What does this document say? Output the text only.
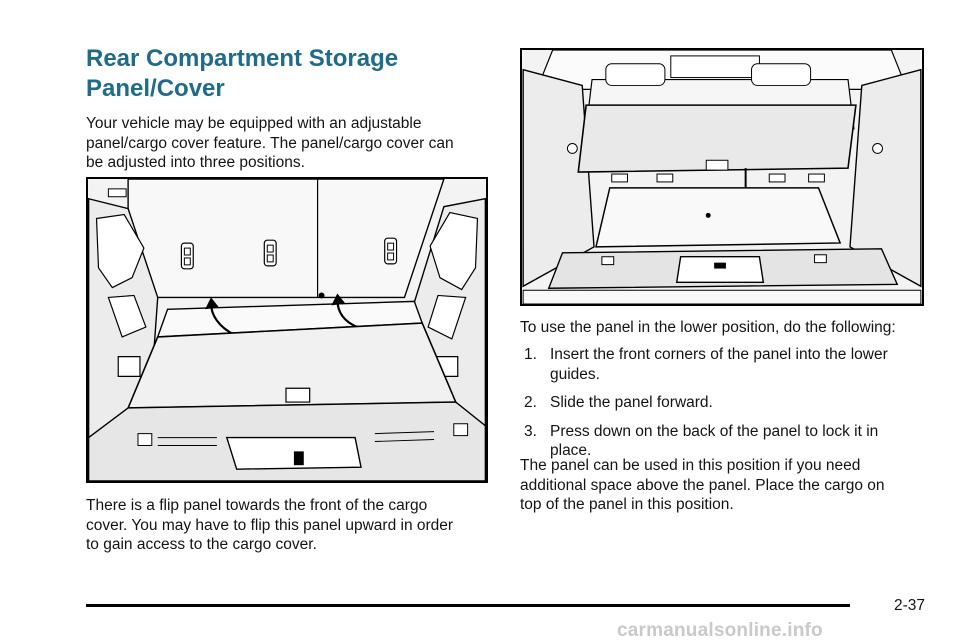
Rear Compartment Storage Panel/Cover

Your vehicle may be equipped with an adjustable panel/cargo cover feature. The panel/cargo cover can be adjusted into three positions.

There is a flip panel towards the front of the cargo cover. You may have to flip this panel upward in order to gain access to the cargo cover.

To use the panel in the lower position, do the following:

1. Insert the front corners of the panel into the lower guides.
2. Slide the panel forward.
3. Press down on the back of the panel to lock it in place.

The panel can be used in this position if you need additional space above the panel. Place the cargo on top of the panel in this position.

2-37
carmanualsonline.info
